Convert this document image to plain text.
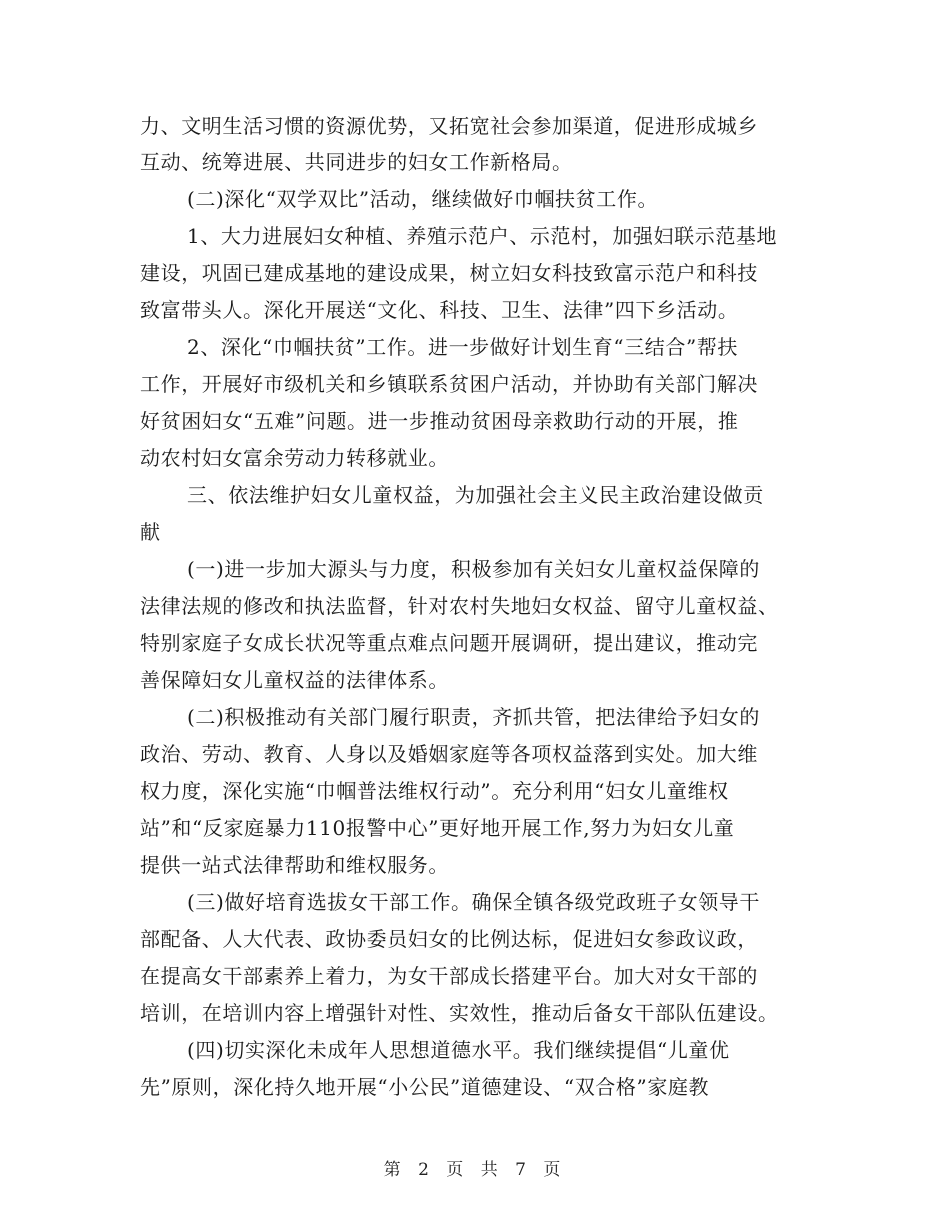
力、文明生活习惯的资源优势，又拓宽社会参加渠道，促进形成城乡
互动、统筹进展、共同进步的妇女工作新格局。
(二)深化“双学双比”活动，继续做好巾帼扶贫工作。
1、大力进展妇女种植、养殖示范户、示范村，加强妇联示范基地
建设，巩固已建成基地的建设成果，树立妇女科技致富示范户和科技
致富带头人。深化开展送“文化、科技、卫生、法律”四下乡活动。
2、深化“巾帼扶贫”工作。进一步做好计划生育“三结合”帮扶
工作，开展好市级机关和乡镇联系贫困户活动，并协助有关部门解决
好贫困妇女“五难”问题。进一步推动贫困母亲救助行动的开展，推
动农村妇女富余劳动力转移就业。
三、依法维护妇女儿童权益，为加强社会主义民主政治建设做贡
献
(一)进一步加大源头与力度，积极参加有关妇女儿童权益保障的
法律法规的修改和执法监督，针对农村失地妇女权益、留守儿童权益、
特别家庭子女成长状况等重点难点问题开展调研，提出建议，推动完
善保障妇女儿童权益的法律体系。
(二)积极推动有关部门履行职责，齐抓共管，把法律给予妇女的
政治、劳动、教育、人身以及婚姻家庭等各项权益落到实处。加大维
权力度，深化实施“巾帼普法维权行动”。充分利用“妇女儿童维权
站”和“反家庭暴力110报警中心”更好地开展工作,努力为妇女儿童
提供一站式法律帮助和维权服务。
(三)做好培育选拔女干部工作。确保全镇各级党政班子女领导干
部配备、人大代表、政协委员妇女的比例达标，促进妇女参政议政，
在提高女干部素养上着力，为女干部成长搭建平台。加大对女干部的
培训，在培训内容上增强针对性、实效性，推动后备女干部队伍建设。
(四)切实深化未成年人思想道德水平。我们继续提倡“儿童优
先”原则，深化持久地开展“小公民”道德建设、“双合格”家庭教
第 2 页 共 7 页
